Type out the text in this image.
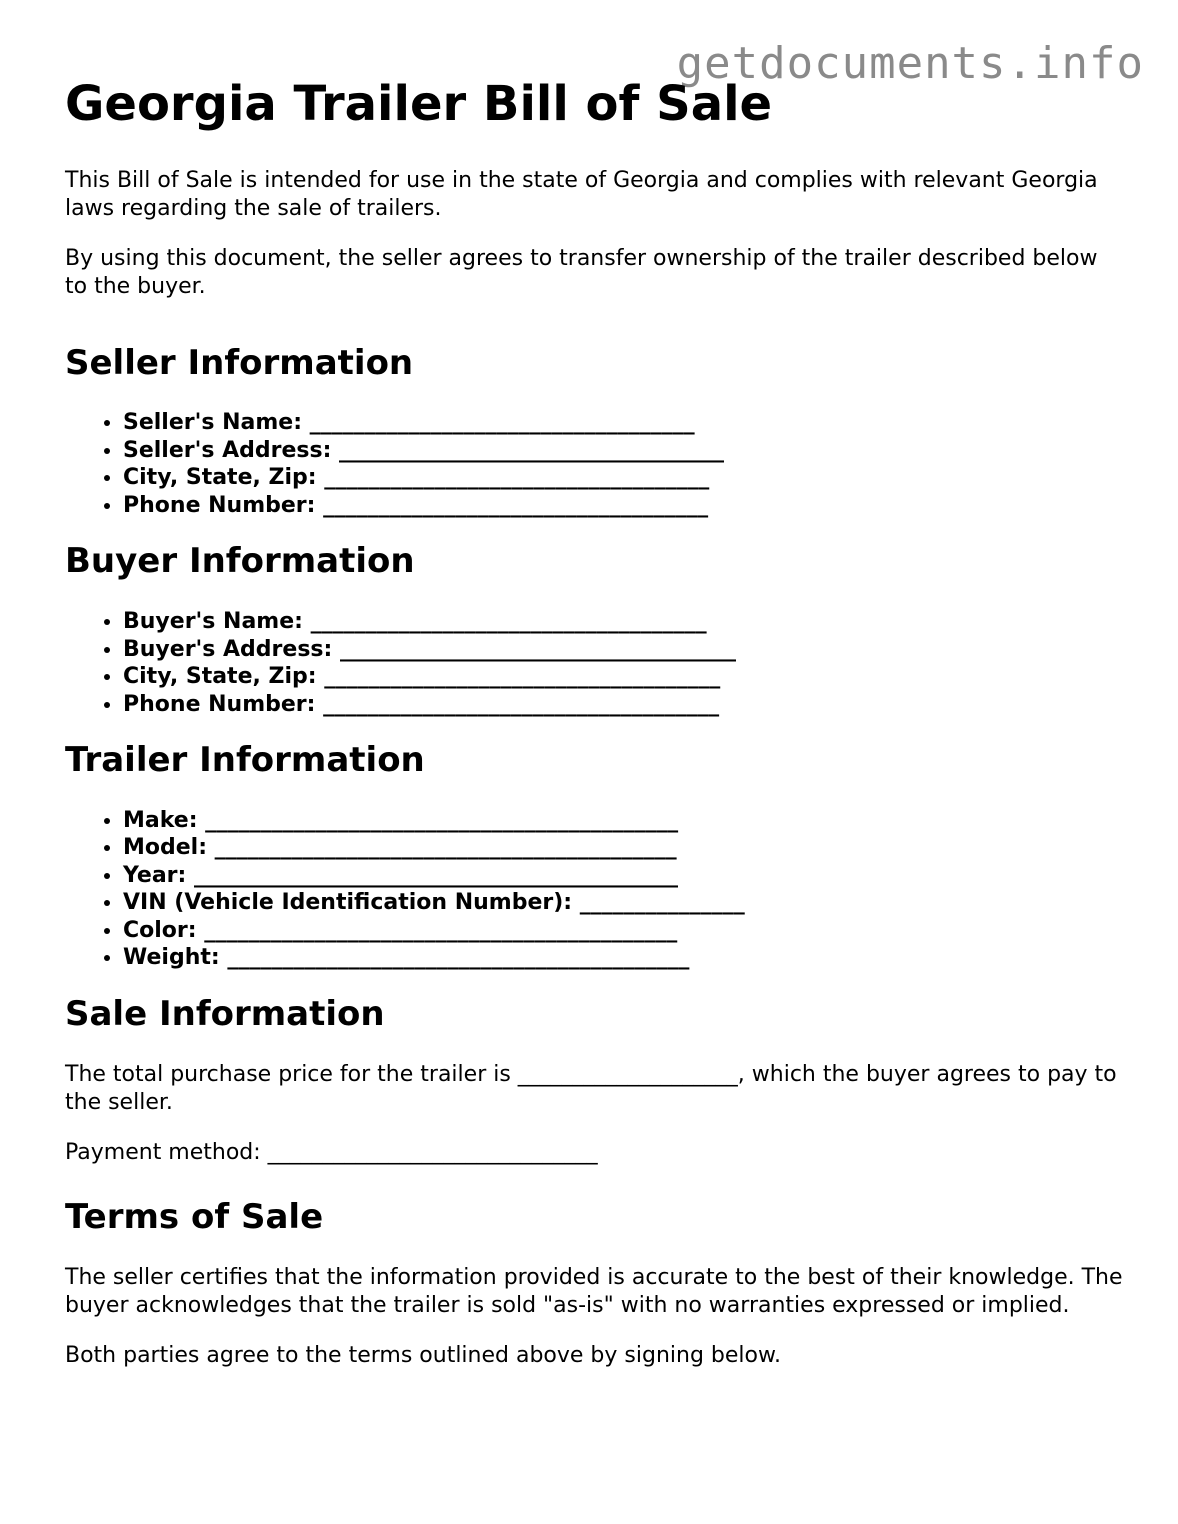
getdocuments.info
Georgia Trailer Bill of Sale

This Bill of Sale is intended for use in the state of Georgia and complies with relevant Georgia laws regarding the sale of trailers.

By using this document, the seller agrees to transfer ownership of the trailer described below to the buyer.

Seller Information
• Seller's Name: ___________________________________
• Seller's Address: ___________________________________
• City, State, Zip: ___________________________________
• Phone Number: ___________________________________
Buyer Information
• Buyer's Name: ____________________________________
• Buyer's Address: ____________________________________
• City, State, Zip: ____________________________________
• Phone Number: ____________________________________
Trailer Information
• Make: ___________________________________________
• Model: __________________________________________
• Year: ____________________________________________
• VIN (Vehicle Identification Number): _______________
• Color: ___________________________________________
• Weight: __________________________________________
Sale Information

The total purchase price for the trailer is ____________________, which the buyer agrees to pay to the seller.

Payment method: ______________________________

Terms of Sale

The seller certifies that the information provided is accurate to the best of their knowledge. The buyer acknowledges that the trailer is sold "as-is" with no warranties expressed or implied.

Both parties agree to the terms outlined above by signing below.
